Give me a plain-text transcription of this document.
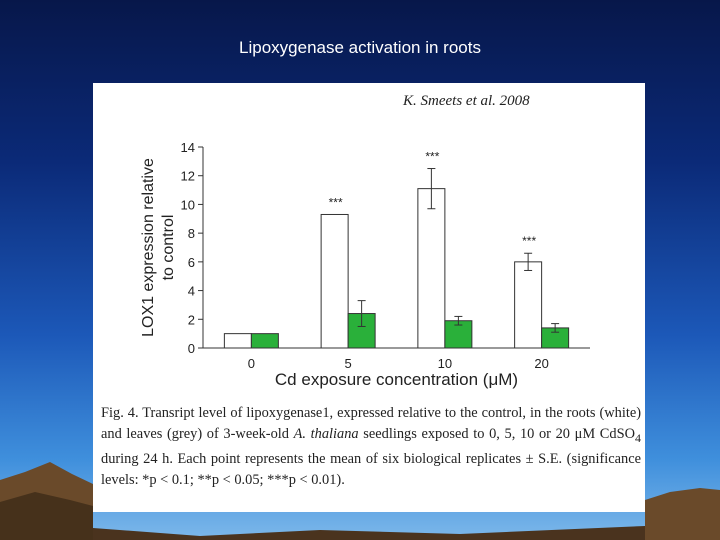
Lipoxygenase activation in roots
K. Smeets et al. 2008
0
2
4
6
8
10
12
14
LOX1 expression relative to control
Cd exposure concentration (μM)
0	5
***
10
***
20
***
Fig. 4. Transript level of lipoxygenase1, expressed relative to the control, in the roots (white) and leaves (grey) of 3-week-old A. thaliana seedlings exposed to 0, 5, 10 or 20 μM CdSO$_4$ during 24 h. Each point represents the mean of six biological replicates ± S.E. (significance levels: *p < 0.1; **p < 0.05; ***p < 0.01).
